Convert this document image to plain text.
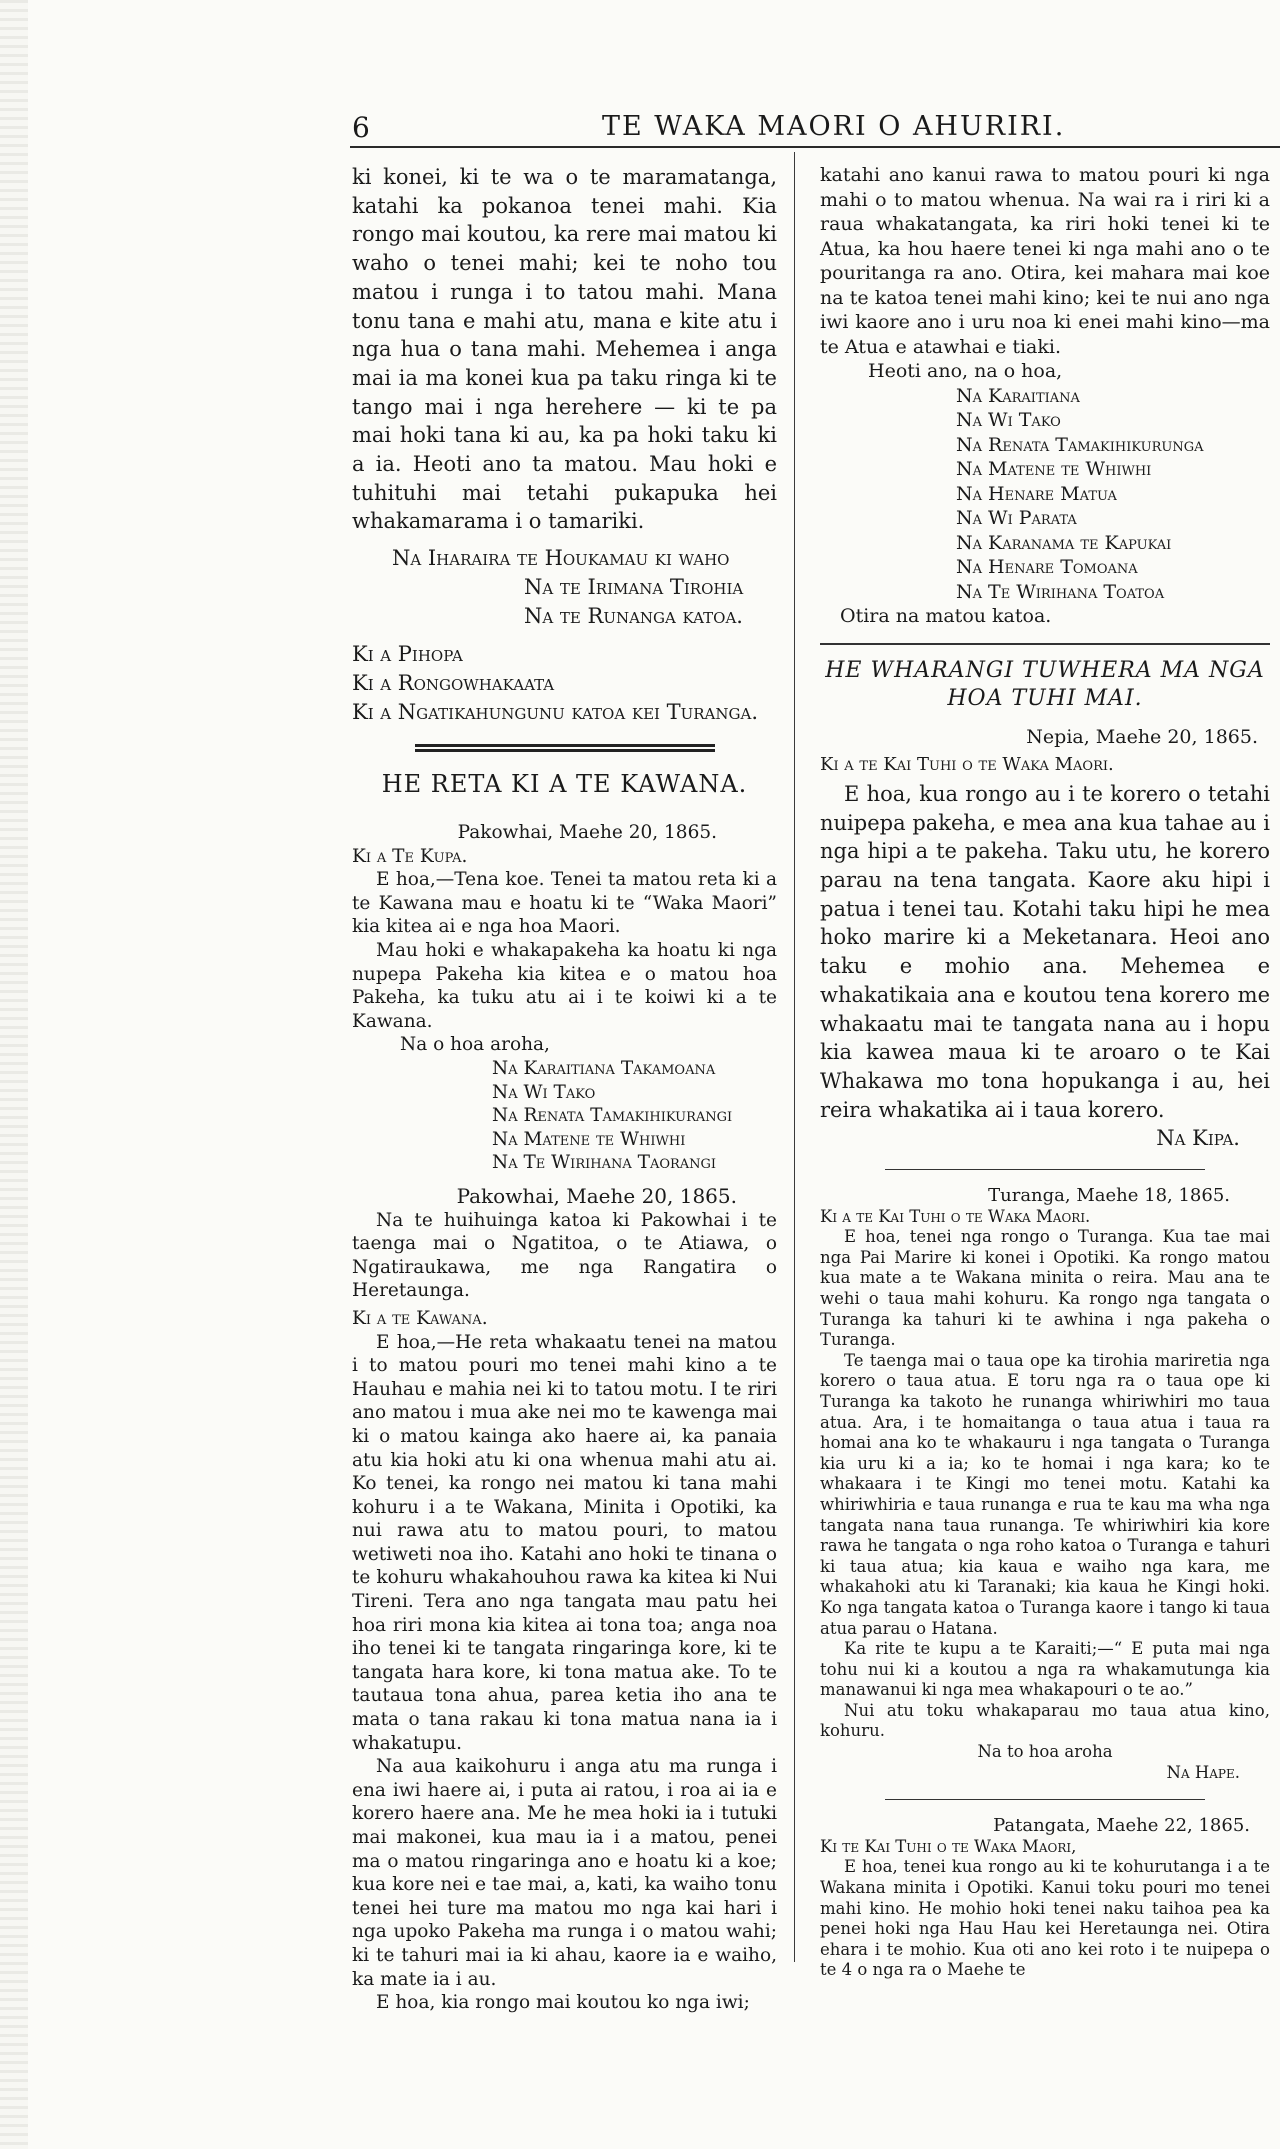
6	TE WAKA MAORI O AHURIRI.

ki konei, ki te wa o te maramatanga, katahi ka pokanoa tenei mahi. Kia rongo mai koutou, ka rere mai matou ki waho o tenei mahi; kei te noho tou matou i runga i to tatou mahi. Mana tonu tana e mahi atu, mana e kite atu i nga hua o tana mahi. Mehemea i anga mai ia ma konei kua pa taku ringa ki te tango mai i nga herehere — ki te pa mai hoki tana ki au, ka pa hoki taku ki a ia. Heoti ano ta matou. Mau hoki e tuhituhi mai tetahi pukapuka hei whakamarama i o tamariki.

Na Iharaira te Houkamau ki waho

Na te Irimana Tirohia

Na te Runanga katoa.

Ki a Pihopa

Ki a Rongowhakaata

Ki a Ngatikahungunu katoa kei Turanga.

HE RETA KI A TE KAWANA.

Pakowhai, Maehe 20, 1865.

Ki a Te Kupa.

E hoa,—Tena koe. Tenei ta matou reta ki a te Kawana mau e hoatu ki te “Waka Maori” kia kitea ai e nga hoa Maori.

Mau hoki e whakapakeha ka hoatu ki nga nupepa Pakeha kia kitea e o matou hoa Pakeha, ka tuku atu ai i te koiwi ki a te Kawana.

Na o hoa aroha,

Na Karaitiana Takamoana

Na Wi Tako

Na Renata Tamakihikurangi

Na Matene te Whiwhi

Na Te Wirihana Taorangi

Pakowhai, Maehe 20, 1865.

Na te huihuinga katoa ki Pakowhai i te taenga mai o Ngatitoa, o te Atiawa, o Ngatiraukawa, me nga Rangatira o Heretaunga.

Ki a te Kawana.

E hoa,—He reta whakaatu tenei na matou i to matou pouri mo tenei mahi kino a te Hauhau e mahia nei ki to tatou motu. I te riri ano matou i mua ake nei mo te kawenga mai ki o matou kainga ako haere ai, ka panaia atu kia hoki atu ki ona whenua mahi atu ai. Ko tenei, ka rongo nei matou ki tana mahi kohuru i a te Wakana, Minita i Opotiki, ka nui rawa atu to matou pouri, to matou wetiweti noa iho. Katahi ano hoki te tinana o te kohuru whakahouhou rawa ka kitea ki Nui Tireni. Tera ano nga tangata mau patu hei hoa riri mona kia kitea ai tona toa; anga noa iho tenei ki te tangata ringaringa kore, ki te tangata hara kore, ki tona matua ake. To te tautaua tona ahua, parea ketia iho ana te mata o tana rakau ki tona matua nana ia i whakatupu.

Na aua kaikohuru i anga atu ma runga i ena iwi haere ai, i puta ai ratou, i roa ai ia e korero haere ana. Me he mea hoki ia i tutuki mai makonei, kua mau ia i a matou, penei ma o matou ringaringa ano e hoatu ki a koe; kua kore nei e tae mai, a, kati, ka waiho tonu tenei hei ture ma matou mo nga kai hari i nga upoko Pakeha ma runga i o matou wahi; ki te tahuri mai ia ki ahau, kaore ia e waiho, ka mate ia i au.

E hoa, kia rongo mai koutou ko nga iwi;

katahi ano kanui rawa to matou pouri ki nga mahi o to matou whenua. Na wai ra i riri ki a raua whakatangata, ka riri hoki tenei ki te Atua, ka hou haere tenei ki nga mahi ano o te pouritanga ra ano. Otira, kei mahara mai koe na te katoa tenei mahi kino; kei te nui ano nga iwi kaore ano i uru noa ki enei mahi kino—ma te Atua e atawhai e tiaki.

Heoti ano, na o hoa,

Na Karaitiana

Na Wi Tako

Na Renata Tamakihikurunga

Na Matene te Whiwhi

Na Henare Matua

Na Wi Parata

Na Karanama te Kapukai

Na Henare Tomoana

Na Te Wirihana Toatoa

Otira na matou katoa.

HE WHARANGI TUWHERA MA NGA HOA TUHI MAI.

Nepia, Maehe 20, 1865.

Ki a te Kai Tuhi o te Waka Maori.

E hoa, kua rongo au i te korero o tetahi nuipepa pakeha, e mea ana kua tahae au i nga hipi a te pakeha. Taku utu, he korero parau na tena tangata. Kaore aku hipi i patua i tenei tau. Kotahi taku hipi he mea hoko marire ki a Meketanara. Heoi ano taku e mohio ana. Mehemea e whakatikaia ana e koutou tena korero me whakaatu mai te tangata nana au i hopu kia kawea maua ki te aroaro o te Kai Whakawa mo tona hopukanga i au, hei reira whakatika ai i taua korero.

Na Kipa.

Turanga, Maehe 18, 1865.

Ki a te Kai Tuhi o te Waka Maori.

E hoa, tenei nga rongo o Turanga. Kua tae mai nga Pai Marire ki konei i Opotiki. Ka rongo matou kua mate a te Wakana minita o reira. Mau ana te wehi o taua mahi kohuru. Ka rongo nga tangata o Turanga ka tahuri ki te awhina i nga pakeha o Turanga.

Te taenga mai o taua ope ka tirohia mariretia nga korero o taua atua. E toru nga ra o taua ope ki Turanga ka takoto he runanga whiriwhiri mo taua atua. Ara, i te homaitanga o taua atua i taua ra homai ana ko te whakauru i nga tangata o Turanga kia uru ki a ia; ko te homai i nga kara; ko te whakaara i te Kingi mo tenei motu. Katahi ka whiriwhiria e taua runanga e rua te kau ma wha nga tangata nana taua runanga. Te whiriwhiri kia kore rawa he tangata o nga roho katoa o Turanga e tahuri ki taua atua; kia kaua e waiho nga kara, me whakahoki atu ki Taranaki; kia kaua he Kingi hoki. Ko nga tangata katoa o Turanga kaore i tango ki taua atua parau o Hatana.

Ka rite te kupu a te Karaiti;—“ E puta mai nga tohu nui ki a koutou a nga ra whakamutunga kia manawanui ki nga mea whakapouri o te ao.”

Nui atu toku whakaparau mo taua atua kino, kohuru.

Na to hoa aroha

Na Hape.

Patangata, Maehe 22, 1865.

Ki te Kai Tuhi o te Waka Maori,

E hoa, tenei kua rongo au ki te kohurutanga i a te Wakana minita i Opotiki. Kanui toku pouri mo tenei mahi kino. He mohio hoki tenei naku taihoa pea ka penei hoki nga Hau Hau kei Heretaunga nei. Otira ehara i te mohio. Kua oti ano kei roto i te nuipepa o te 4 o nga ra o Maehe te
